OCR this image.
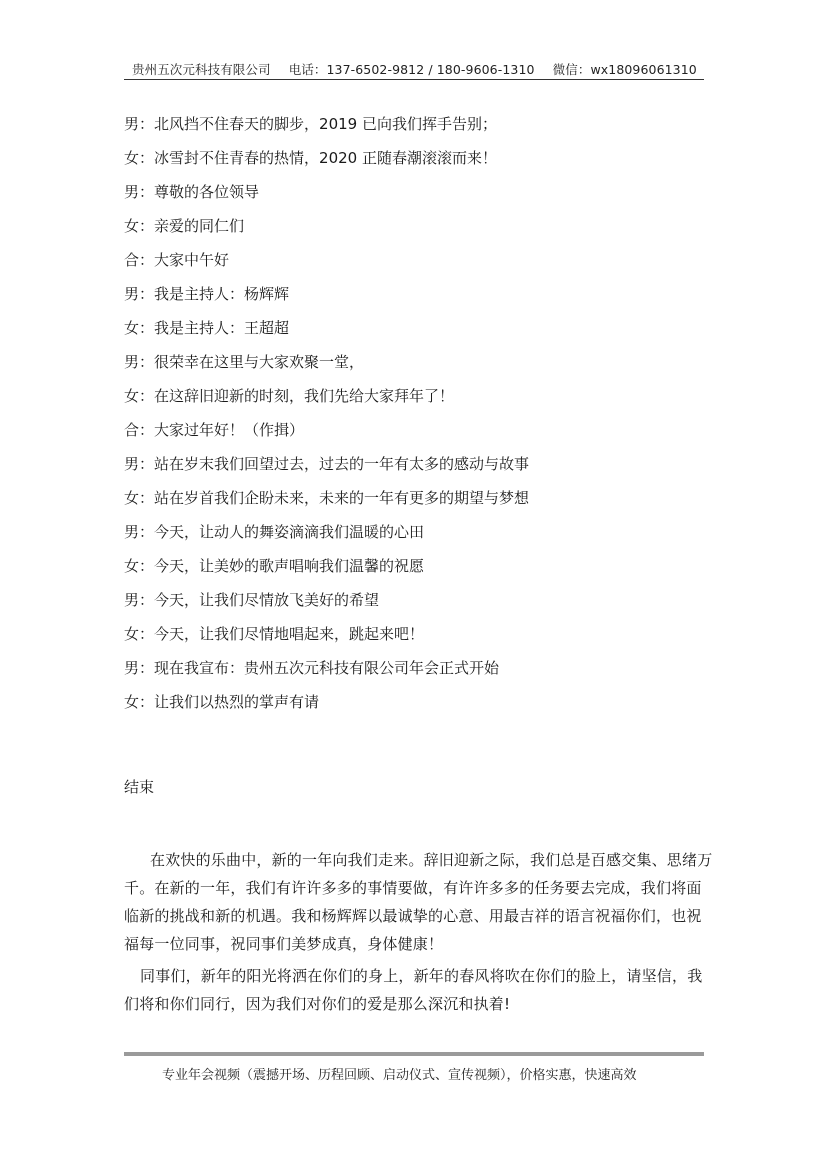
贵州五次元科技有限公司 电话：137-6502-9812 / 180-9606-1310 微信：wx18096061310
男：北风挡不住春天的脚步，2019 已向我们挥手告别；
女：冰雪封不住青春的热情，2020 正随春潮滚滚而来！
男：尊敬的各位领导
女：亲爱的同仁们
合：大家中午好
男：我是主持人：杨辉辉
女：我是主持人：王超超
男：很荣幸在这里与大家欢聚一堂，
女：在这辞旧迎新的时刻，我们先给大家拜年了！
合：大家过年好！（作揖）
男：站在岁末我们回望过去，过去的一年有太多的感动与故事
女：站在岁首我们企盼未来，未来的一年有更多的期望与梦想
男：今天，让动人的舞姿滴滴我们温暖的心田
女：今天，让美妙的歌声唱响我们温馨的祝愿
男：今天，让我们尽情放飞美好的希望
女：今天，让我们尽情地唱起来，跳起来吧！
男：现在我宣布：贵州五次元科技有限公司年会正式开始
女：让我们以热烈的掌声有请
结束

在欢快的乐曲中，新的一年向我们走来。辞旧迎新之际，我们总是百感交集、思绪万千。在新的一年，我们有许许多多的事情要做，有许许多多的任务要去完成，我们将面临新的挑战和新的机遇。我和杨辉辉以最诚挚的心意、用最吉祥的语言祝福你们，也祝福每一位同事，祝同事们美梦成真，身体健康！

同事们，新年的阳光将洒在你们的身上，新年的春风将吹在你们的脸上，请坚信，我们将和你们同行，因为我们对你们的爱是那么深沉和执着!

专业年会视频（震撼开场、历程回顾、启动仪式、宣传视频），价格实惠，快速高效
